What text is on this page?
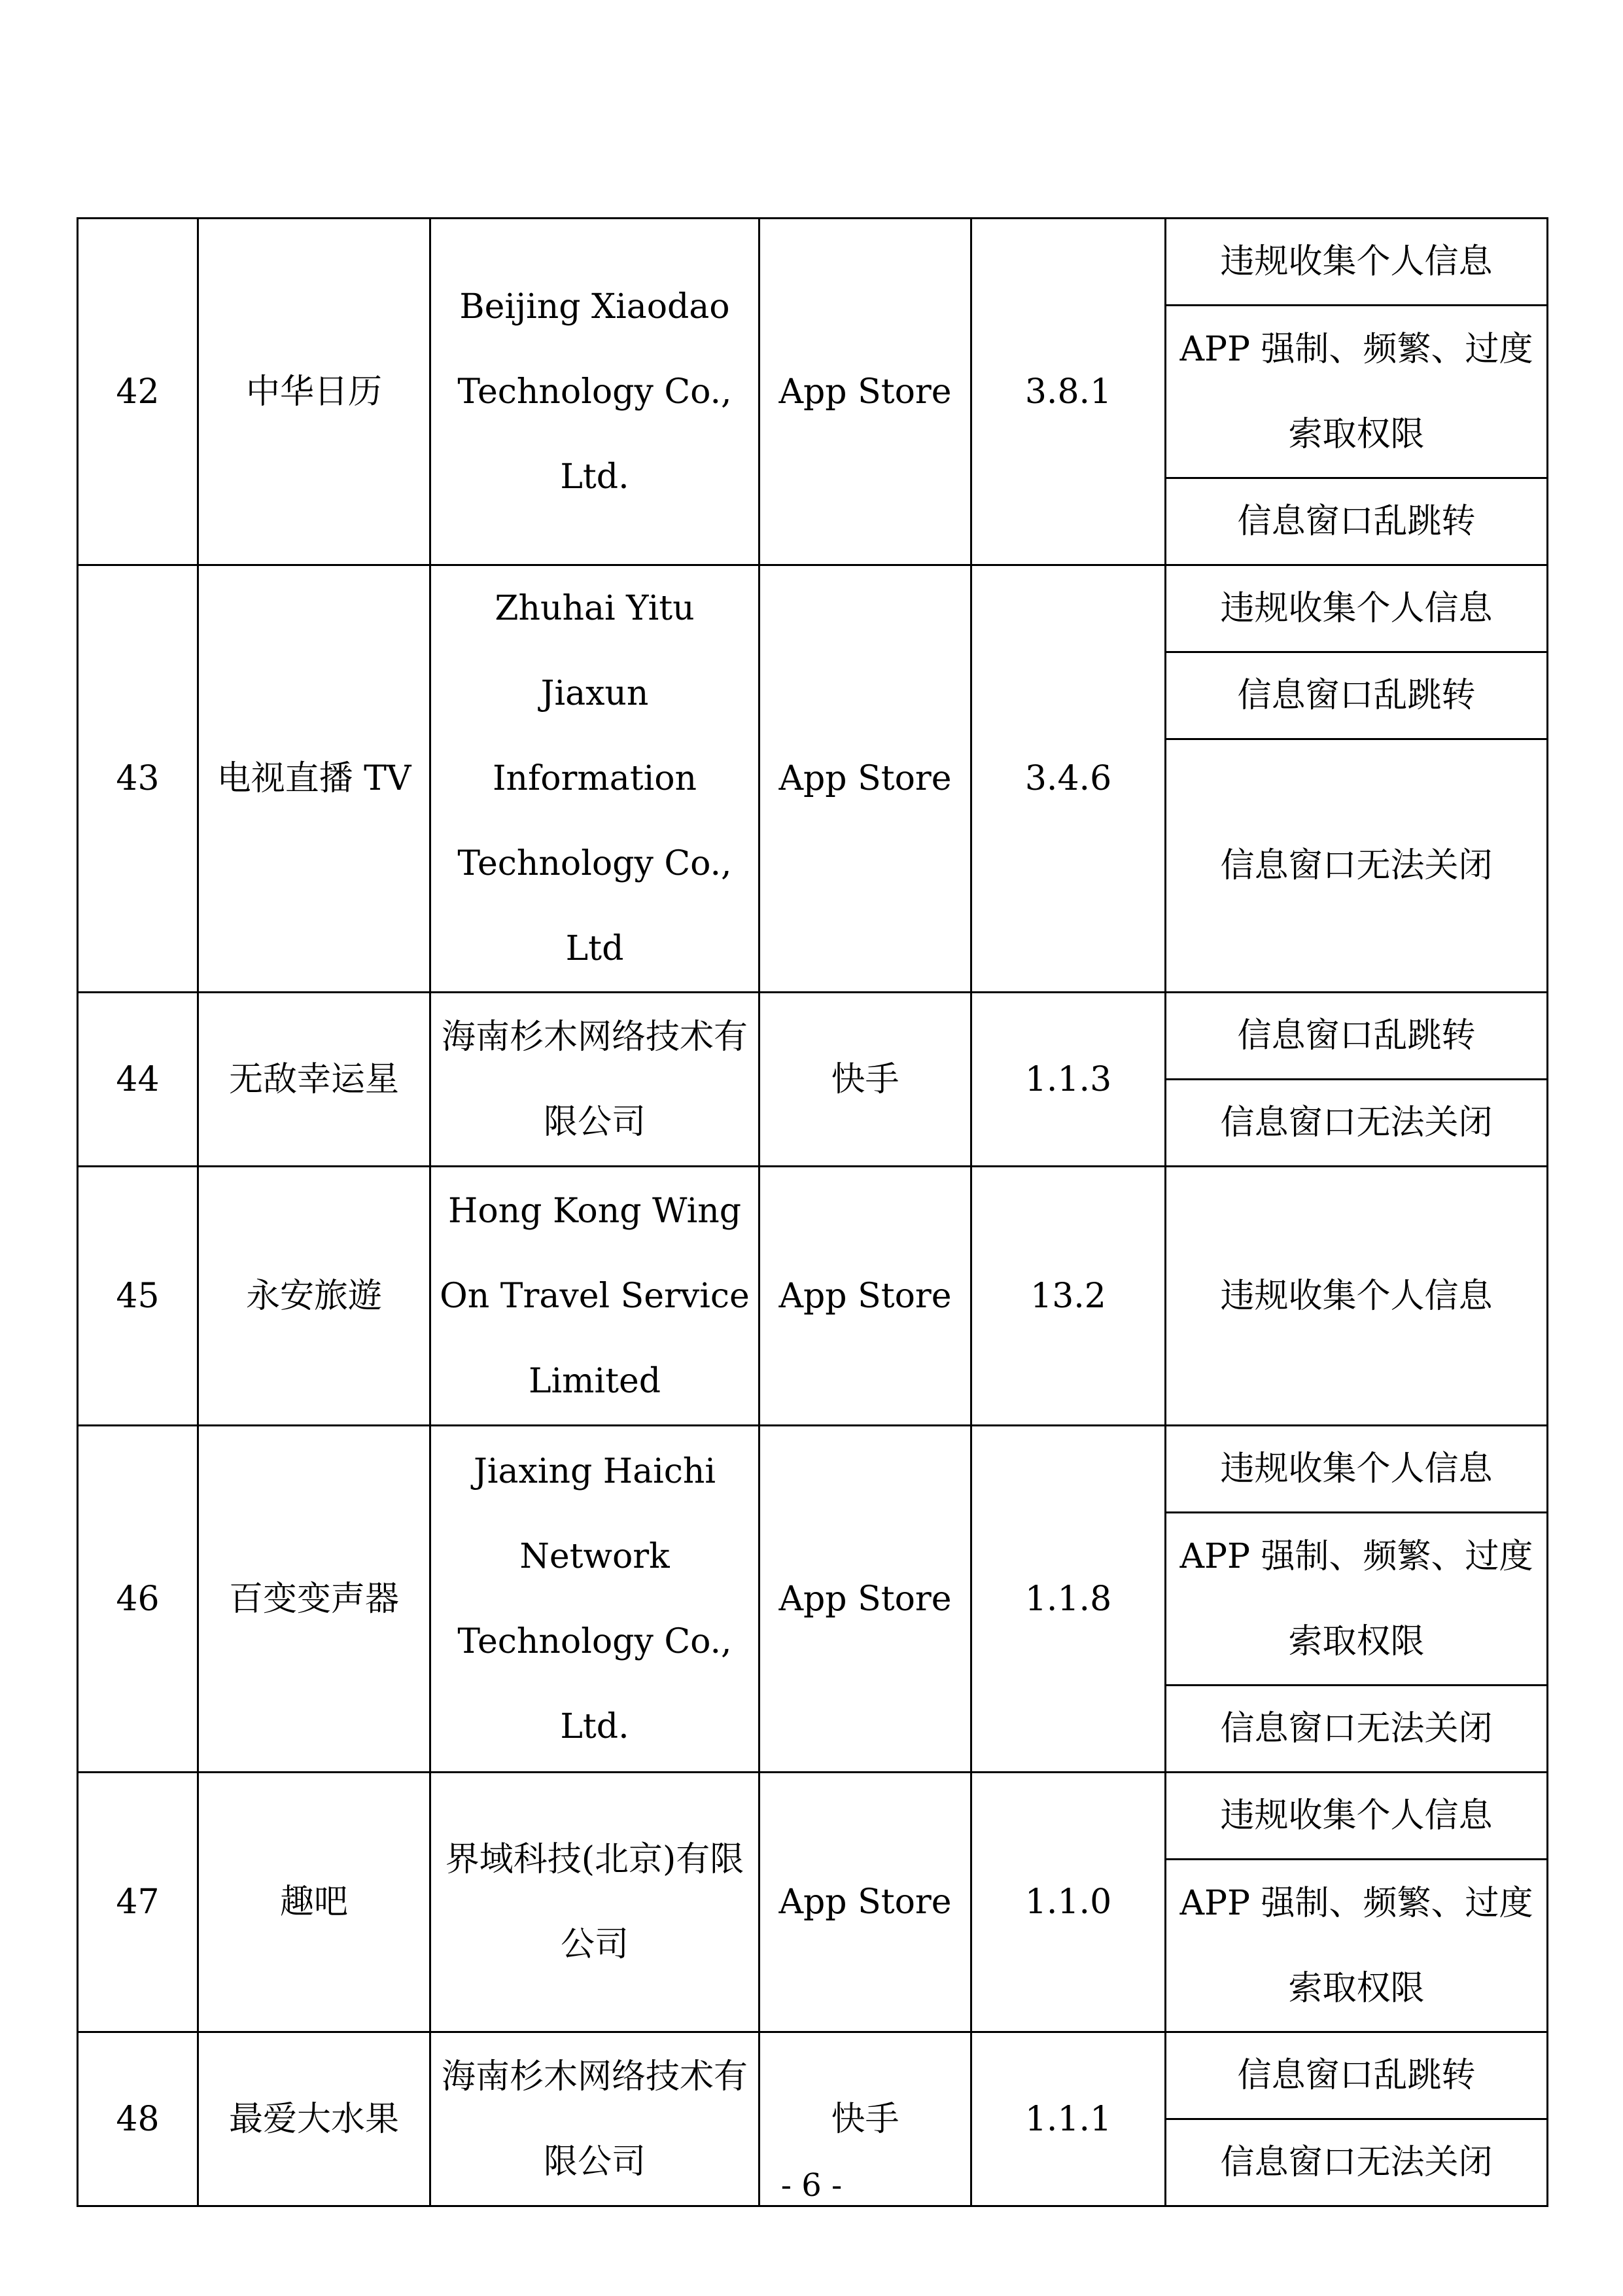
42	中华日历	Beijing Xiaodao Technology Co., Ltd.	App Store	3.8.1	违规收集个人信息
					APP 强制、频繁、过度索取权限

					信息窗口乱跳转
43	电视直播 TV	Zhuhai Yitu Jiaxun Information Technology Co., Ltd	App Store	3.4.6	违规收集个人信息
					信息窗口乱跳转
					信息窗口无法关闭

44	无敌幸运星	海南杉木网络技术有限公司	快手	1.1.3	信息窗口乱跳转
					信息窗口无法关闭
45	永安旅遊	Hong Kong Wing On Travel Service Limited	App Store	13.2	违规收集个人信息

46	百变变声器	Jiaxing Haichi Network Technology Co., Ltd.	App Store	1.1.8	违规收集个人信息
					APP 强制、频繁、过度索取权限

					信息窗口无法关闭
47	趣吧	界域科技(北京)有限公司	App Store	1.1.0	违规收集个人信息
					APP 强制、频繁、过度索取权限

48	最爱大水果	海南杉木网络技术有限公司	快手	1.1.1	信息窗口乱跳转
					信息窗口无法关闭
- 6 -
